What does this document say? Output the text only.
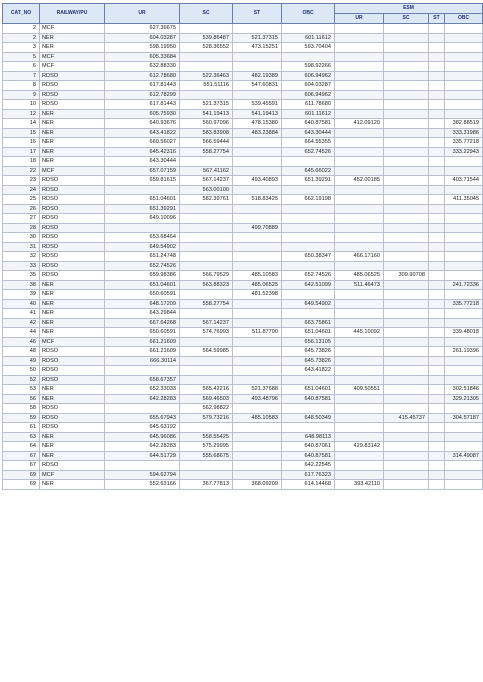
CAT_NO	RAILWAY/PU	UR	SC	ST	OBC	ESM			
						UR	SC	ST	OBC
2	MCF	627.36675							
2	NER	604.03287	539.86487	521.37315	601.11612				
3	NER	598.19950	528.36552	473.15251	593.70404				
5	MCF	605.33684							
6	MCF	632.88330			598.92266				
7	RDSO	612.78680	522.36463	482.19389	606.94962				
8	RDSO	617.81443	551.51116	547.60831	604.03287				
9	RDSO	612.78299			606.94962				
10	RDSO	617.81443	521.37315	539.45591	611.78680				
12	NER	605.75930	541.19413	541.19413	601.11612				
14	NER	640.93676	560.97096	478.15380	640.87581	412.09120			382.88519
15	NER	643.41822	583.83908	483.23884	643.30444				333.31986
16	NER	660.56027	566.59444		664.55355				335.77218
17	NER	645.42316	558.27754		652.74526				333.22943
18	NER	643.30444							
22	MCF	657.07159	567.41162		645.66022				
23	RDSO	659.81615	567.14237	493.40893	651.39291	452.00185			403.71544
24	RDSO		563.00100						
25	RDSO	651.04601	582.39761	518.83425	662.19198				411.35045
26	RDSO	651.39291							
27	RDSO	649.10096							
28	RDSO			499.70889					
30	RDSO	653.68464							
31	RDSO	649.54902							
32	RDSO	651.24748			650.38347	466.17160			
33	RDSO	652.74526							
35	RDSO	659.98386	566.79529	485.10583	652.74526	485.06525	309.90708		
38	NER	651.04601	563.88323	485.06525	642.51099	511.46473			241.72336
39	NER	650.60591		481.52398					
40	NER	648.17209	558.27754		649.54902				335.77218
41	NER	643.29844							
42	NER	667.64268	567.14237		663.75861				
44	NER	650.60591	574.76993	511.87790	651.04601	445.10092			339.48018
46	MCF	661.21609			656.13105				
48	RDSO	661.21609	564.59985		645.73826				261.19396
49	RDSO	666.30114			645.73826				
50	RDSO				643.41822				
52	RDSO	658.67357							
53	NER	652.33033	565.42216	521.37688	651.04601	409.50551			302.51846
56	NER	642.28283	569.46503	493.48796	640.87581				329.21305
58	RDSO		562.98822						
59	RDSO	655.67943	579.73216	485.10583	648.50349		415.45737		304.57187
61	RDSO	645.63192							
63	NER	645.96086	558.55425		648.98113				
64	NER	642.28283	575.29995		640.87061	429.83142			
67	NER	644.51729	555.68675		640.87581				314.49087
67	RDSO				642.22545				
69	MCF	594.62794			617.76323				
69	NER	552.63166	367.77813	368.09209	614.14468	393.42110			
